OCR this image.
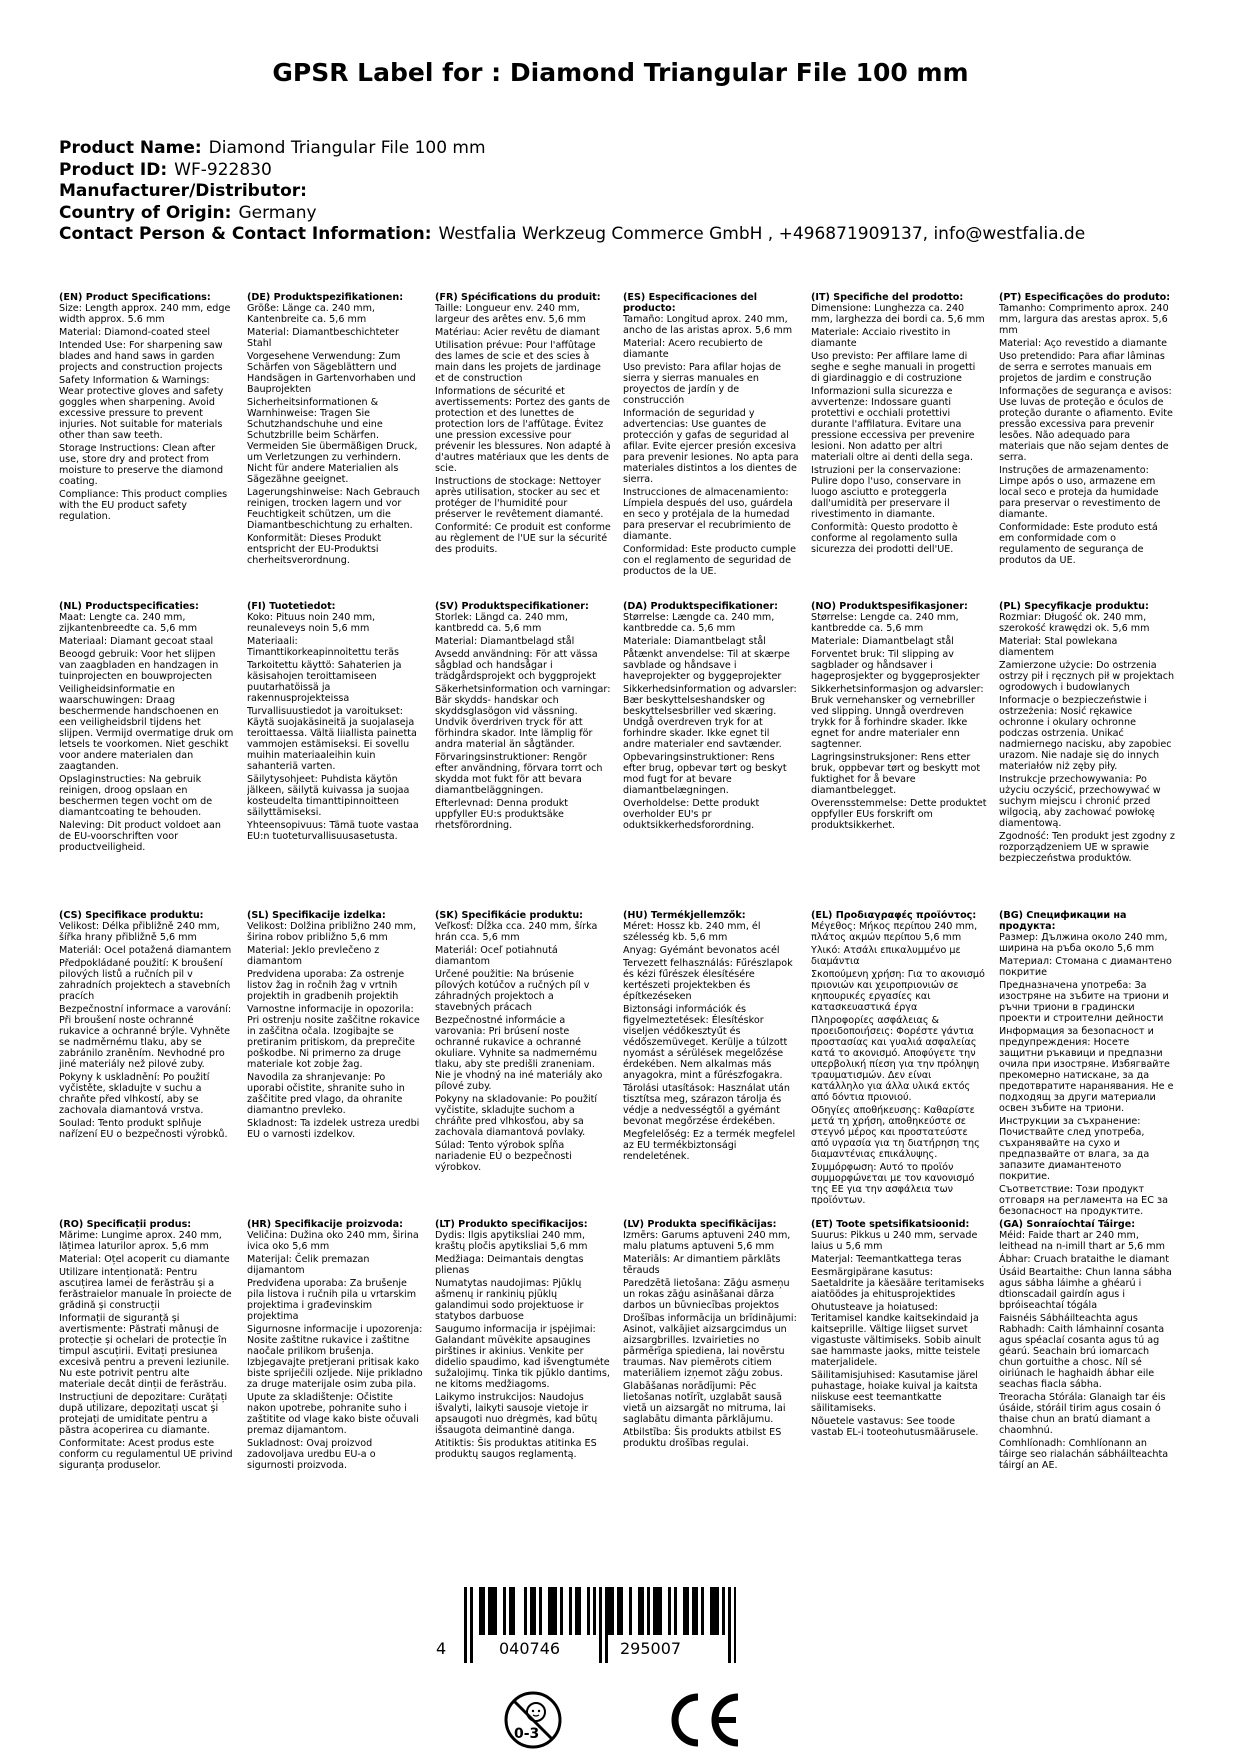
GPSR Label for : Diamond Triangular File 100 mm
Product Name: Diamond Triangular File 100 mm
Product ID: WF-922830
Manufacturer/Distributor:
Country of Origin: Germany
Contact Person & Contact Information: Westfalia Werkzeug Commerce GmbH , +496871909137, info@westfalia.de
(EN) Product Specifications:

Size: Length approx. 240 mm, edge width approx. 5.6 mm

Material: Diamond-coated steel

Intended Use: For sharpening saw blades and hand saws in garden projects and construction projects

Safety Information & Warnings: Wear protective gloves and safety goggles when sharpening. Avoid excessive pressure to prevent injuries. Not suitable for materials other than saw teeth.

Storage Instructions: Clean after use, store dry and protect from moisture to preserve the diamond coating.

Compliance: This product complies with the EU product safety regulation.

(DE) Produktspezifikationen:

Größe: Länge ca. 240 mm, Kantenbreite ca. 5,6 mm

Material: Diamantbeschichteter Stahl

Vorgesehene Verwendung: Zum Schärfen von Sägeblättern und Handsägen in Gartenvorhaben und Bauprojekten

Sicherheitsinformationen & Warnhinweise: Tragen Sie Schutzhandschuhe und eine Schutzbrille beim Schärfen. Vermeiden Sie übermäßigen Druck, um Verletzungen zu verhindern. Nicht für andere Materialien als Sägezähne geeignet.

Lagerungshinweise: Nach Gebrauch reinigen, trocken lagern und vor Feuchtigkeit schützen, um die Diamantbeschichtung zu erhalten.

Konformität: Dieses Produkt entspricht der EU-Produktsi cherheitsverordnung.

(FR) Spécifications du produit:

Taille: Longueur env. 240 mm, largeur des arêtes env. 5,6 mm

Matériau: Acier revêtu de diamant

Utilisation prévue: Pour l'affûtage des lames de scie et des scies à main dans les projets de jardinage et de construction

Informations de sécurité et avertissements: Portez des gants de protection et des lunettes de protection lors de l'affûtage. Évitez une pression excessive pour prévenir les blessures. Non adapté à d'autres matériaux que les dents de scie.

Instructions de stockage: Nettoyer après utilisation, stocker au sec et protéger de l'humidité pour préserver le revêtement diamanté.

Conformité: Ce produit est conforme au règlement de l'UE sur la sécurité des produits.

(ES) Especificaciones del producto:

Tamaño: Longitud aprox. 240 mm, ancho de las aristas aprox. 5,6 mm

Material: Acero recubierto de diamante

Uso previsto: Para afilar hojas de sierra y sierras manuales en proyectos de jardín y de construcción

Información de seguridad y advertencias: Use guantes de protección y gafas de seguridad al afilar. Evite ejercer presión excesiva para prevenir lesiones. No apta para materiales distintos a los dientes de sierra.

Instrucciones de almacenamiento: Límpiela después del uso, guárdela en seco y protéjala de la humedad para preservar el recubrimiento de diamante.

Conformidad: Este producto cumple con el reglamento de seguridad de productos de la UE.

(IT) Specifiche del prodotto:

Dimensione: Lunghezza ca. 240 mm, larghezza dei bordi ca. 5,6 mm

Materiale: Acciaio rivestito in diamante

Uso previsto: Per affilare lame di seghe e seghe manuali in progetti di giardinaggio e di costruzione

Informazioni sulla sicurezza e avvertenze: Indossare guanti protettivi e occhiali protettivi durante l'affilatura. Evitare una pressione eccessiva per prevenire lesioni. Non adatto per altri materiali oltre ai denti della sega.

Istruzioni per la conservazione: Pulire dopo l'uso, conservare in luogo asciutto e proteggerla dall'umidità per preservare il rivestimento in diamante.

Conformità: Questo prodotto è conforme al regolamento sulla sicurezza dei prodotti dell'UE.

(PT) Especificações do produto:

Tamanho: Comprimento aprox. 240 mm, largura das arestas aprox. 5,6 mm

Material: Aço revestido a diamante

Uso pretendido: Para afiar lâminas de serra e serrotes manuais em projetos de jardim e construção

Informações de segurança e avisos: Use luvas de proteção e óculos de proteção durante o afiamento. Evite pressão excessiva para prevenir lesões. Não adequado para materiais que não sejam dentes de serra.

Instruções de armazenamento: Limpe após o uso, armazene em local seco e proteja da humidade para preservar o revestimento de diamante.

Conformidade: Este produto está em conformidade com o regulamento de segurança de produtos da UE.

(NL) Productspecificaties:

Maat: Lengte ca. 240 mm, zijkantenbreedte ca. 5,6 mm

Materiaal: Diamant gecoat staal

Beoogd gebruik: Voor het slijpen van zaagbladen en handzagen in tuinprojecten en bouwprojecten

Veiligheidsinformatie en waarschuwingen: Draag beschermende handschoenen en een veiligheidsbril tijdens het slijpen. Vermijd overmatige druk om letsels te voorkomen. Niet geschikt voor andere materialen dan zaagtanden.

Opslaginstructies: Na gebruik reinigen, droog opslaan en beschermen tegen vocht om de diamantcoating te behouden.

Naleving: Dit product voldoet aan de EU-voorschriften voor productveiligheid.

(FI) Tuotetiedot:

Koko: Pituus noin 240 mm, reunaleveys noin 5,6 mm

Materiaali: Timanttikorkeapinnoitettu teräs

Tarkoitettu käyttö: Sahaterien ja käsisahojen teroittamiseen puutarhatöissä ja rakennusprojekteissa

Turvallisuustiedot ja varoitukset: Käytä suojakäsineitä ja suojalaseja teroittaessa. Vältä liiallista painetta vammojen estämiseksi. Ei sovellu muihin materiaaleihin kuin sahanteriä varten.

Säilytysohjeet: Puhdista käytön jälkeen, säilytä kuivassa ja suojaa kosteudelta timanttipinnoitteen säilyttämiseksi.

Yhteensopivuus: Tämä tuote vastaa EU:n tuoteturvallisuusasetusta.

(SV) Produktspecifikationer:

Storlek: Längd ca. 240 mm, kantbredd ca. 5,6 mm

Material: Diamantbelagd stål

Avsedd användning: För att vässa sågblad och handsågar i trädgårdsprojekt och byggprojekt

Säkerhetsinformation och varningar: Bär skydds- handskar och skyddsglasögon vid vässning. Undvik överdriven tryck för att förhindra skador. Inte lämplig för andra material än sågtänder.

Förvaringsinstruktioner: Rengör efter användning, förvara torrt och skydda mot fukt för att bevara diamantbeläggningen.

Efterlevnad: Denna produkt uppfyller EU:s produktsäke rhetsförordning.

(DA) Produktspecifikationer:

Størrelse: Længde ca. 240 mm, kantbredde ca. 5,6 mm

Materiale: Diamantbelagt stål

Påtænkt anvendelse: Til at skærpe savblade og håndsave i haveprojekter og byggeprojekter

Sikkerhedsinformation og advarsler: Bær beskyttelseshandsker og beskyttelsesbriller ved skæring. Undgå overdreven tryk for at forhindre skader. Ikke egnet til andre materialer end savtænder.

Opbevaringsinstruktioner: Rens efter brug, opbevar tørt og beskyt mod fugt for at bevare diamantbelægningen.

Overholdelse: Dette produkt overholder EU's pr oduktsikkerhedsforordning.

(NO) Produktspesifikasjoner:

Størrelse: Lengde ca. 240 mm, kantbredde ca. 5,6 mm

Materiale: Diamantbelagt stål

Forventet bruk: Til slipping av sagblader og håndsaver i hageprosjekter og byggeprosjekter

Sikkerhetsinformasjon og advarsler: Bruk vernehansker og vernebriller ved slipping. Unngå overdreven trykk for å forhindre skader. Ikke egnet for andre materialer enn sagtenner.

Lagringsinstruksjoner: Rens etter bruk, oppbevar tørt og beskytt mot fuktighet for å bevare diamantbelegget.

Overensstemmelse: Dette produktet oppfyller EUs forskrift om produktsikkerhet.

(PL) Specyfikacje produktu:

Rozmiar: Długość ok. 240 mm, szerokość krawędzi ok. 5,6 mm

Materiał: Stal powlekana diamentem

Zamierzone użycie: Do ostrzenia ostrzy pił i ręcznych pił w projektach ogrodowych i budowlanych

Informacje o bezpieczeństwie i ostrzeżenia: Nosić rękawice ochronne i okulary ochronne podczas ostrzenia. Unikać nadmiernego nacisku, aby zapobiec urazom. Nie nadaje się do innych materiałów niż zęby piły.

Instrukcje przechowywania: Po użyciu oczyścić, przechowywać w suchym miejscu i chronić przed wilgocią, aby zachować powłokę diamentową.

Zgodność: Ten produkt jest zgodny z rozporządzeniem UE w sprawie bezpieczeństwa produktów.

(CS) Specifikace produktu:

Velikost: Délka přibližně 240 mm, šířka hrany přibližně 5,6 mm

Materiál: Ocel potažená diamantem

Předpokládané použití: K broušení pilových listů a ručních pil v zahradních projektech a stavebních pracích

Bezpečnostní informace a varování: Při broušení noste ochranné rukavice a ochranné brýle. Vyhněte se nadměrnému tlaku, aby se zabránilo zraněním. Nevhodné pro jiné materiály než pilové zuby.

Pokyny k uskladnění: Po použití vyčistěte, skladujte v suchu a chraňte před vlhkostí, aby se zachovala diamantová vrstva.

Soulad: Tento produkt splňuje nařízení EU o bezpečnosti výrobků.

(SL) Specifikacije izdelka:

Velikost: Dolžina približno 240 mm, širina robov približno 5,6 mm

Material: Jeklo prevlečeno z diamantom

Predvidena uporaba: Za ostrenje listov žag in ročnih žag v vrtnih projektih in gradbenih projektih

Varnostne informacije in opozorila: Pri ostrenju nosite zaščitne rokavice in zaščitna očala. Izogibajte se pretiranim pritiskom, da preprečite poškodbe. Ni primerno za druge materiale kot zobje žag.

Navodila za shranjevanje: Po uporabi očistite, shranite suho in zaščitite pred vlago, da ohranite diamantno prevleko.

Skladnost: Ta izdelek ustreza uredbi EU o varnosti izdelkov.

(SK) Špecifikácie produktu:

Veľkosť: Dĺžka cca. 240 mm, šírka hrán cca. 5,6 mm

Materiál: Oceľ potiahnutá diamantom

Určené použitie: Na brúsenie pílových kotúčov a ručných píl v záhradných projektoch a stavebných prácach

Bezpečnostné informácie a varovania: Pri brúsení noste ochranné rukavice a ochranné okuliare. Vyhnite sa nadmernému tlaku, aby ste predišli zraneniam. Nie je vhodný na iné materiály ako pílové zuby.

Pokyny na skladovanie: Po použití vyčistite, skladujte suchom a chráňte pred vlhkosťou, aby sa zachovala diamantová povlaky.

Súlad: Tento výrobok spĺňa nariadenie EÚ o bezpečnosti výrobkov.

(HU) Termékjellemzők:

Méret: Hossz kb. 240 mm, él szélesség kb. 5,6 mm

Anyag: Gyémánt bevonatos acél

Tervezett felhasználás: Fűrészlapok és kézi fűrészek élesítésére kertészeti projektekben és építkezéseken

Biztonsági információk és figyelmeztetések: Élesítéskor viseljen védőkesztyűt és védőszemüveget. Kerülje a túlzott nyomást a sérülések megelőzése érdekében. Nem alkalmas más anyagokra, mint a fűrészfogakra.

Tárolási utasítások: Használat után tisztítsa meg, szárazon tárolja és védje a nedvességtől a gyémánt bevonat megőrzése érdekében.

Megfelelőség: Ez a termék megfelel az EU termékbiztonsági rendeletének.

(EL) Προδιαγραφές προϊόντος:

Μέγεθος: Μήκος περίπου 240 mm, πλάτος ακμών περίπου 5,6 mm

Υλικό: Ατσάλι επικαλυμμένο με διαμάντια

Σκοπούμενη χρήση: Για το ακονισμό πριονιών και χειροπριονιών σε κηπουρικές εργασίες και κατασκευαστικά έργα

Πληροφορίες ασφάλειας & προειδοποιήσεις: Φορέστε γάντια προστασίας και γυαλιά ασφαλείας κατά το ακονισμό. Αποφύγετε την υπερβολική πίεση για την πρόληψη τραυματισμών. Δεν είναι κατάλληλο για άλλα υλικά εκτός από δόντια πριονιού.

Οδηγίες αποθήκευσης: Καθαρίστε μετά τη χρήση, αποθηκεύστε σε στεγνό μέρος και προστατεύστε από υγρασία για τη διατήρηση της διαμαντένιας επικάλυψης.

Συμμόρφωση: Αυτό το προϊόν συμμορφώνεται με τον κανονισμό της ΕΕ για την ασφάλεια των προϊόντων.

(BG) Спецификации на продукта:

Размер: Дължина около 240 mm, ширина на ръба около 5,6 mm

Материал: Стомана с диамантено покритие

Предназначена употреба: За изостряне на зъбите на триони и ръчни триони в градински проекти и строителни дейности

Информация за безопасност и предупреждения: Носете защитни ръкавици и предпазни очила при изостряне. Избягвайте прекомерно натискане, за да предотвратите наранявания. Не е подходящ за други материали освен зъбите на триони.

Инструкции за съхранение: Почиствайте след употреба, съхранявайте на сухо и предпазвайте от влага, за да запазите диамантеното покритие.

Съответствие: Този продукт отговаря на регламента на ЕС за безопасност на продуктите.

(RO) Specificații produs:

Mărime: Lungime aprox. 240 mm, lățimea laturilor aprox. 5,6 mm

Material: Oțel acoperit cu diamante

Utilizare intenționată: Pentru ascuțirea lamei de ferăstrău și a ferăstraielor manuale în proiecte de grădină și construcții

Informații de siguranță și avertismente: Păstrați mânuși de protecție și ochelari de protecție în timpul ascuțirii. Evitați presiunea excesivă pentru a preveni leziunile. Nu este potrivit pentru alte materiale decât dinții de ferăstrău.

Instrucțiuni de depozitare: Curățați după utilizare, depozitați uscat și protejați de umiditate pentru a păstra acoperirea cu diamante.

Conformitate: Acest produs este conform cu regulamentul UE privind siguranța produselor.

(HR) Specifikacije proizvoda:

Veličina: Dužina oko 240 mm, širina ivica oko 5,6 mm

Materijal: Čelik premazan dijamantom

Predviđena uporaba: Za brušenje pila listova i ručnih pila u vrtarskim projektima i građevinskim projektima

Sigurnosne informacije i upozorenja: Nosite zaštitne rukavice i zaštitne naočale prilikom brušenja. Izbjegavajte pretjerani pritisak kako biste spriječili ozljede. Nije prikladno za druge materijale osim zuba pila.

Upute za skladištenje: Očistite nakon upotrebe, pohranite suho i zaštitite od vlage kako biste očuvali premaz dijamantom.

Sukladnost: Ovaj proizvod zadovoljava uredbu EU-a o sigurnosti proizvoda.

(LT) Produkto specifikacijos:

Dydis: Ilgis apytiksliai 240 mm, kraštų pločis apytiksliai 5,6 mm

Medžiaga: Deimantais dengtas plienas

Numatytas naudojimas: Pjūklų ašmenų ir rankinių pjūklų galandimui sodo projektuose ir statybos darbuose

Saugumo informacija ir įspėjimai: Galandant mūvėkite apsaugines pirštines ir akinius. Venkite per didelio spaudimo, kad išvengtumėte sužalojimų. Tinka tik pjūklo dantims, ne kitoms medžiagoms.

Laikymo instrukcijos: Naudojus išvalyti, laikyti sausoje vietoje ir apsaugoti nuo drėgmės, kad būtų išsaugota deimantinė danga.

Atitiktis: Šis produktas atitinka ES produktų saugos reglamentą.

(LV) Produkta specifikācijas:

Izmērs: Garums aptuveni 240 mm, malu platums aptuveni 5,6 mm

Materiāls: Ar dimantiem pārklāts tērauds

Paredzētā lietošana: Zāģu asmeņu un rokas zāģu asināšanai dārza darbos un būvniecības projektos

Drošības informācija un brīdinājumi: Asinot, valkājiet aizsargcimdus un aizsargbrilles. Izvairieties no pārmērīga spiediena, lai novērstu traumas. Nav piemērots citiem materiāliem izņemot zāģu zobus.

Glabāšanas norādījumi: Pēc lietošanas notīrīt, uzglabāt sausā vietā un aizsargāt no mitruma, lai saglabātu dimanta pārklājumu.

Atbilstība: Šis produkts atbilst ES produktu drošības regulai.

(ET) Toote spetsifikatsioonid:

Suurus: Pikkus u 240 mm, servade laius u 5,6 mm

Materjal: Teemantkattega teras

Eesmärgipärane kasutus: Saetaldrite ja käesääre teritamiseks aiatöödes ja ehitusprojektides

Ohutusteave ja hoiatused: Teritamisel kandke kaitsekindaid ja kaitseprille. Vältige liigset survet vigastuste vältimiseks. Sobib ainult sae hammaste jaoks, mitte teistele materjalidele.

Säilitamisjuhised: Kasutamise järel puhastage, hoiake kuival ja kaitsta niiskuse eest teemantkatte säilitamiseks.

Nõuetele vastavus: See toode vastab EL-i tooteohutusmäärusele.

(GA) Sonraíochtaí Táirge:

Méid: Faide thart ar 240 mm, leithead na n-imill thart ar 5,6 mm

Ábhar: Cruach brataithe le diamant

Úsáid Beartaithe: Chun lanna sábha agus sábha láimhe a ghéarú i dtionscadail gairdín agus i bpróiseachtaí tógála

Faisnéis Sábháilteachta agus Rabhadh: Caith lámhainní cosanta agus spéaclaí cosanta agus tú ag géarú. Seachain brú iomarcach chun gortuithe a chosc. Níl sé oiriúnach le haghaidh ábhar eile seachas fiacla sábha.

Treoracha Stórála: Glanaigh tar éis úsáide, stóráil tirim agus cosain ó thaise chun an bratú diamant a chaomhnú.

Comhlíonadh: Comhlíonann an táirge seo rialachán sábháilteachta táirgí an AE.

4	040746	295007
0-3
